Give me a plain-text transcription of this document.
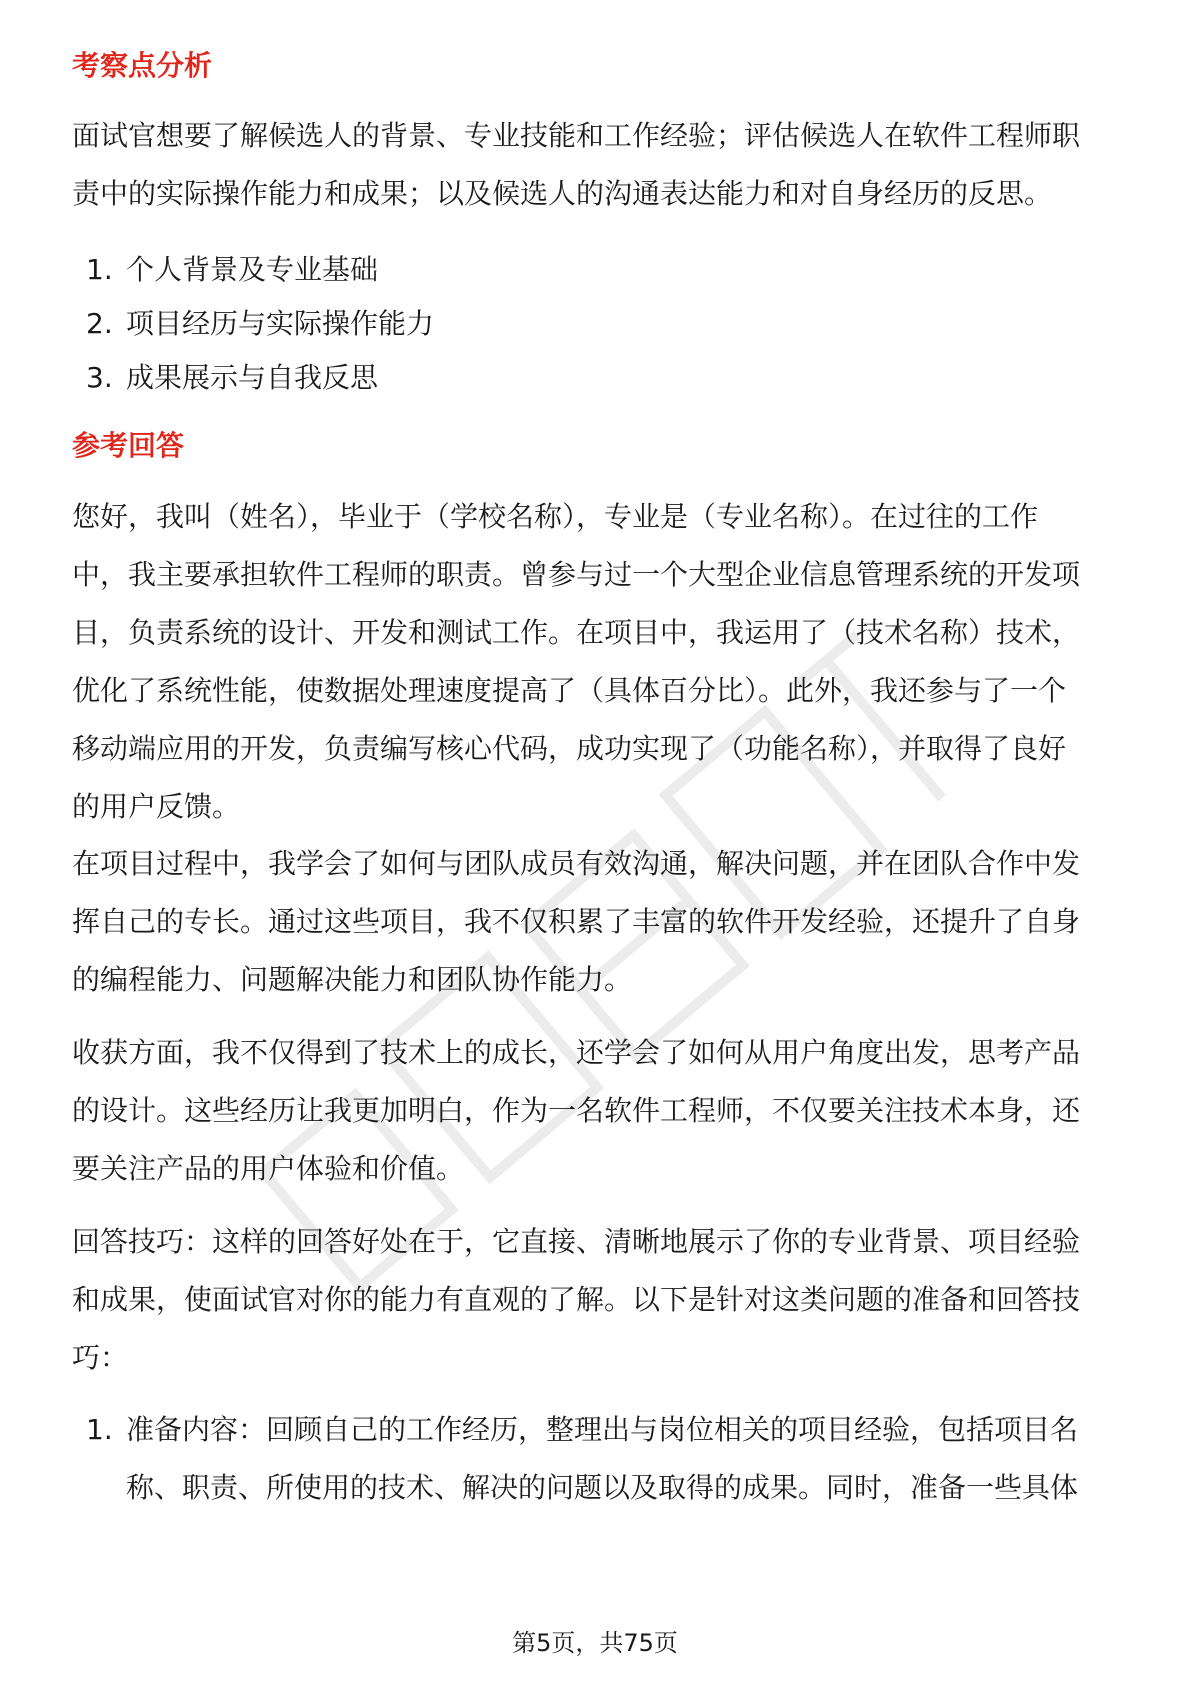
考察点分析
面试官想要了解候选人的背景、专业技能和工作经验；评估候选人在软件工程师职
责中的实际操作能力和成果；以及候选人的沟通表达能力和对自身经历的反思。
1. 个人背景及专业基础
2. 项目经历与实际操作能力
3. 成果展示与自我反思
参考回答
您好，我叫（姓名），毕业于（学校名称），专业是（专业名称）。在过往的工作
中，我主要承担软件工程师的职责。曾参与过一个大型企业信息管理系统的开发项
目，负责系统的设计、开发和测试工作。在项目中，我运用了（技术名称）技术，
优化了系统性能，使数据处理速度提高了（具体百分比）。此外，我还参与了一个
移动端应用的开发，负责编写核心代码，成功实现了（功能名称），并取得了良好
的用户反馈。
在项目过程中，我学会了如何与团队成员有效沟通，解决问题，并在团队合作中发
挥自己的专长。通过这些项目，我不仅积累了丰富的软件开发经验，还提升了自身
的编程能力、问题解决能力和团队协作能力。
收获方面，我不仅得到了技术上的成长，还学会了如何从用户角度出发，思考产品
的设计。这些经历让我更加明白，作为一名软件工程师，不仅要关注技术本身，还
要关注产品的用户体验和价值。
回答技巧：这样的回答好处在于，它直接、清晰地展示了你的专业背景、项目经验
和成果，使面试官对你的能力有直观的了解。以下是针对这类问题的准备和回答技
巧：
1. 准备内容：回顾自己的工作经历，整理出与岗位相关的项目经验，包括项目名
称、职责、所使用的技术、解决的问题以及取得的成果。同时，准备一些具体
第5页，共75页
